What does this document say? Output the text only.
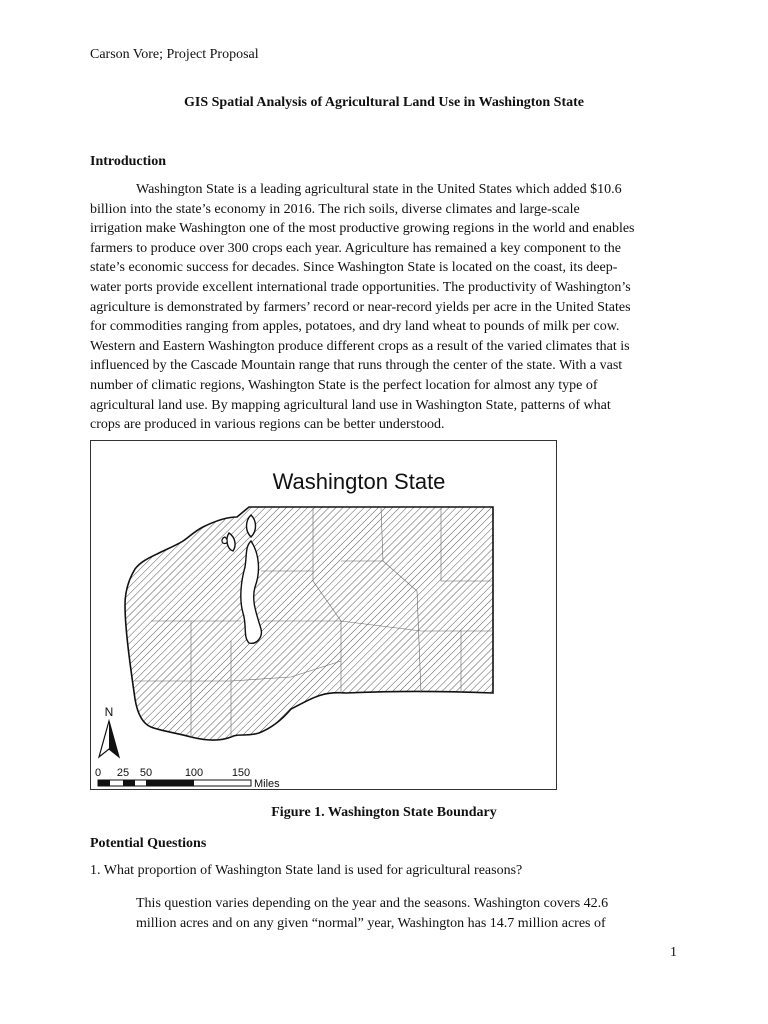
Carson Vore; Project Proposal
GIS Spatial Analysis of Agricultural Land Use in Washington State
Introduction
Washington State is a leading agricultural state in the United States which added $10.6
billion into the state’s economy in 2016. The rich soils, diverse climates and large-scale
irrigation make Washington one of the most productive growing regions in the world and enables
farmers to produce over 300 crops each year. Agriculture has remained a key component to the
state’s economic success for decades. Since Washington State is located on the coast, its deep-
water ports provide excellent international trade opportunities. The productivity of Washington’s
agriculture is demonstrated by farmers’ record or near-record yields per acre in the United States
for commodities ranging from apples, potatoes, and dry land wheat to pounds of milk per cow.
Western and Eastern Washington produce different crops as a result of the varied climates that is
influenced by the Cascade Mountain range that runs through the center of the state. With a vast
number of climatic regions, Washington State is the perfect location for almost any type of
agricultural land use. By mapping agricultural land use in Washington State, patterns of what
crops are produced in various regions can be better understood.
Washington State
N
0 25 50	100	150
Miles
Figure 1. Washington State Boundary
Potential Questions
1. What proportion of Washington State land is used for agricultural reasons?
This question varies depending on the year and the seasons. Washington covers 42.6
million acres and on any given “normal” year, Washington has 14.7 million acres of
1
